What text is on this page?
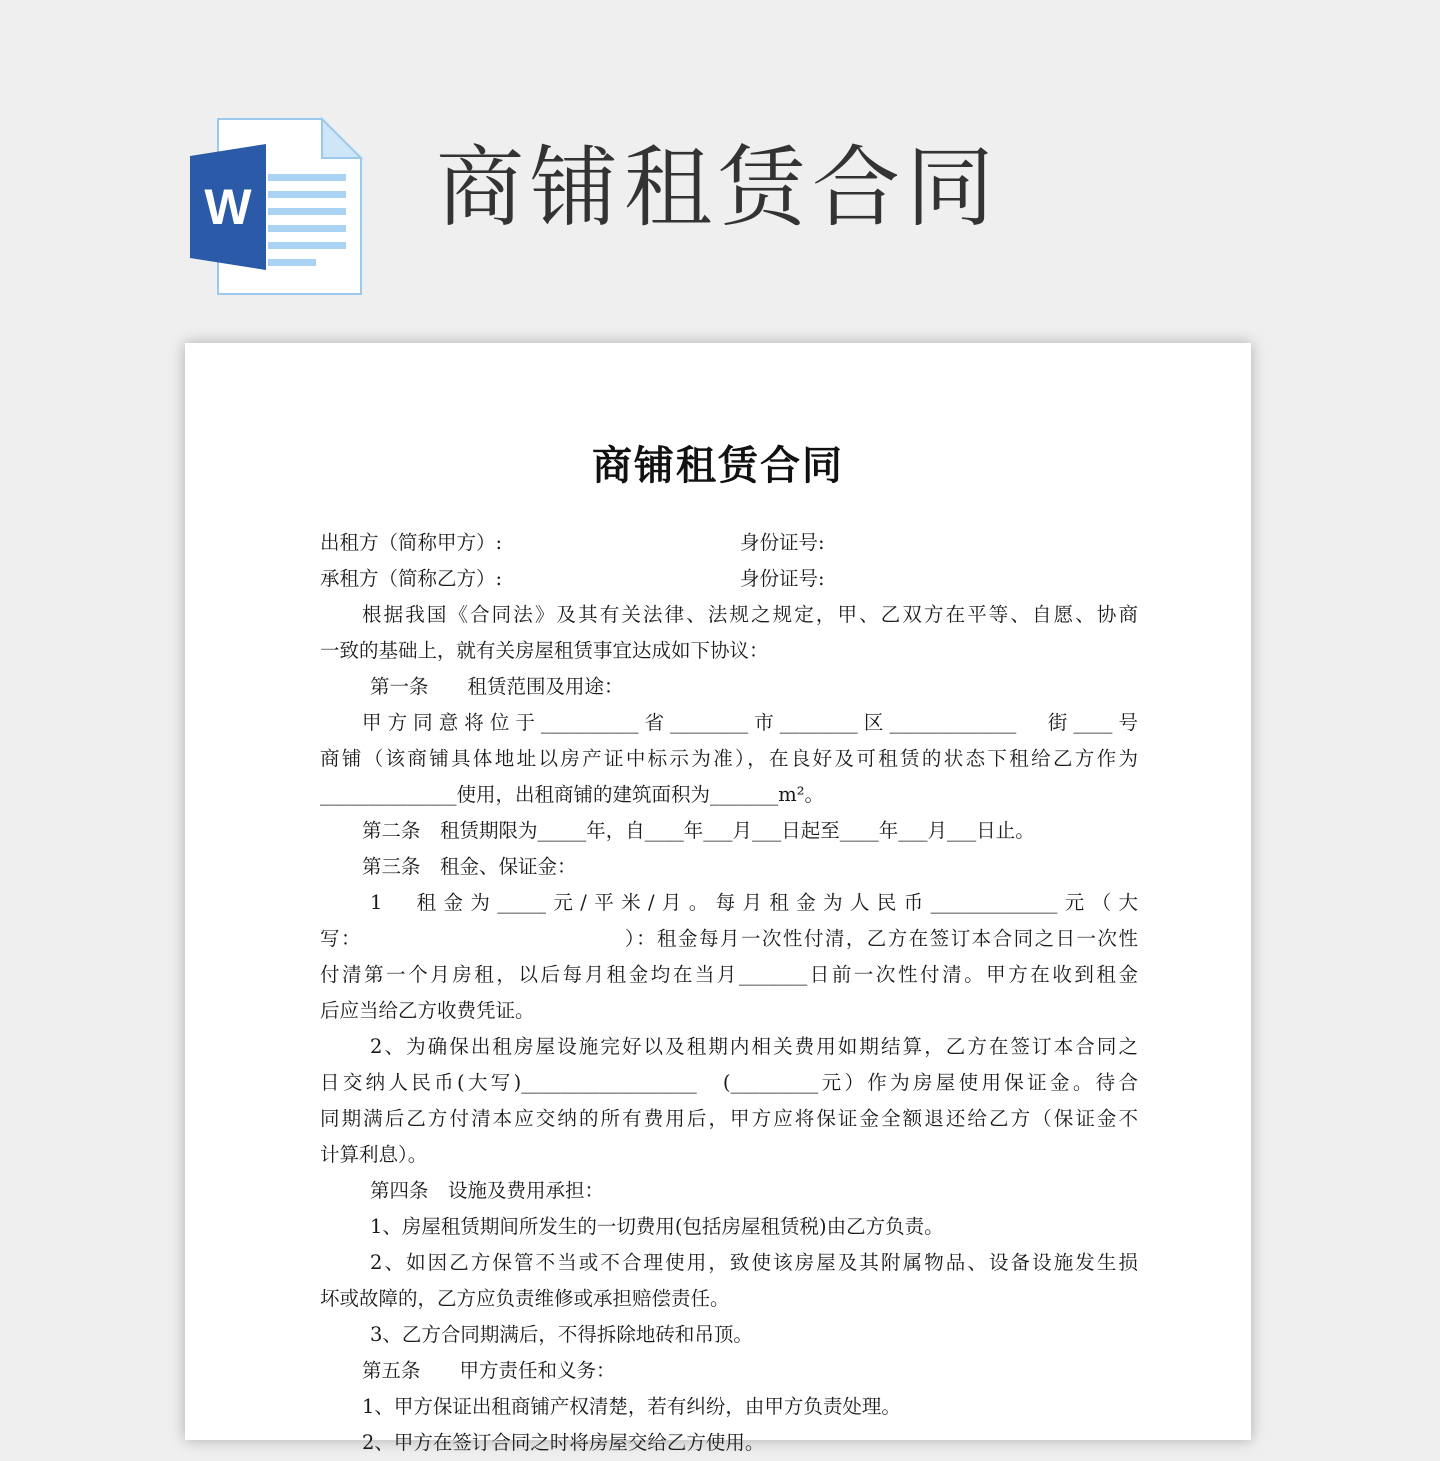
W 商铺租赁合同
商铺租赁合同
出租方（简称甲方）:	身份证号:
承租方（简称乙方）:	身份证号:
根据我国《合同法》及其有关法律、法规之规定，甲、乙双方在平等、自愿、协商
一致的基础上，就有关房屋租赁事宜达成如下协议：
第一条　　租赁范围及用途：
甲方同意将位于__________省________市________区_____________　街____号
商铺（该商铺具体地址以房产证中标示为准），在良好及可租赁的状态下租给乙方作为
______________使用，出租商铺的建筑面积为_______m²。
第二条　租赁期限为_____年，自____年___月___日起至____年___月___日止。
第三条　租金、保证金：
1　租金为_____元/平米/月。每月租金为人民币_____________元（大
写：　　　　　　　　　　　　　）：租金每月一次性付清，乙方在签订本合同之日一次性
付清第一个月房租，以后每月租金均在当月_______日前一次性付清。甲方在收到租金
后应当给乙方收费凭证。
2、为确保出租房屋设施完好以及租期内相关费用如期结算，乙方在签订本合同之
日交纳人民币(大写)__________________　(_________元）作为房屋使用保证金。待合
同期满后乙方付清本应交纳的所有费用后，甲方应将保证金全额退还给乙方（保证金不
计算利息）。
第四条　设施及费用承担：
1、房屋租赁期间所发生的一切费用(包括房屋租赁税)由乙方负责。
2、如因乙方保管不当或不合理使用，致使该房屋及其附属物品、设备设施发生损
坏或故障的，乙方应负责维修或承担赔偿责任。
3、乙方合同期满后，不得拆除地砖和吊顶。
第五条　　甲方责任和义务：
1、甲方保证出租商铺产权清楚，若有纠纷，由甲方负责处理。
2、甲方在签订合同之时将房屋交给乙方使用。
